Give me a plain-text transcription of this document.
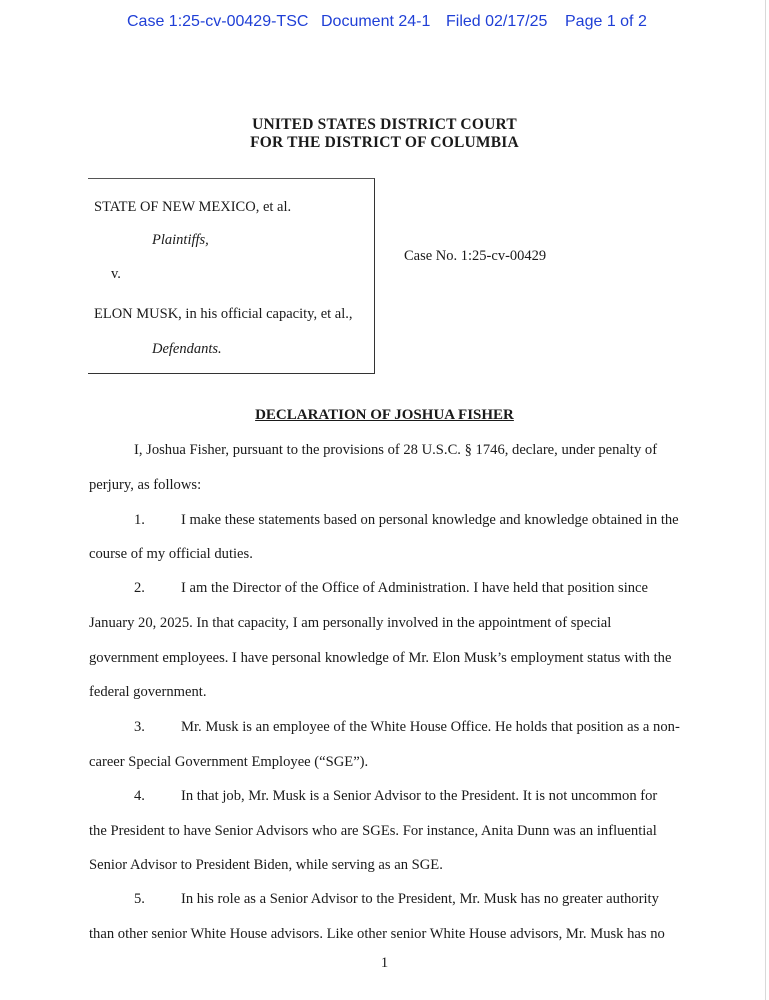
Case 1:25-cv-00429-TSC Document 24-1 Filed 02/17/25 Page 1 of 2
UNITED STATES DISTRICT COURT
FOR THE DISTRICT OF COLUMBIA
STATE OF NEW MEXICO, et al.
Plaintiffs,
v.
ELON MUSK, in his official capacity, et al.,
Defendants.
Case No. 1:25-cv-00429
DECLARATION OF JOSHUA FISHER
I, Joshua Fisher, pursuant to the provisions of 28 U.S.C. § 1746, declare, under penalty of
perjury, as follows:
1. I make these statements based on personal knowledge and knowledge obtained in the
course of my official duties.
2. I am the Director of the Office of Administration. I have held that position since
January 20, 2025. In that capacity, I am personally involved in the appointment of special
government employees. I have personal knowledge of Mr. Elon Musk’s employment status with the
federal government.
3. Mr. Musk is an employee of the White House Office. He holds that position as a non-
career Special Government Employee (“SGE”).
4. In that job, Mr. Musk is a Senior Advisor to the President. It is not uncommon for
the President to have Senior Advisors who are SGEs. For instance, Anita Dunn was an influential
Senior Advisor to President Biden, while serving as an SGE.
5. In his role as a Senior Advisor to the President, Mr. Musk has no greater authority
than other senior White House advisors. Like other senior White House advisors, Mr. Musk has no
1
